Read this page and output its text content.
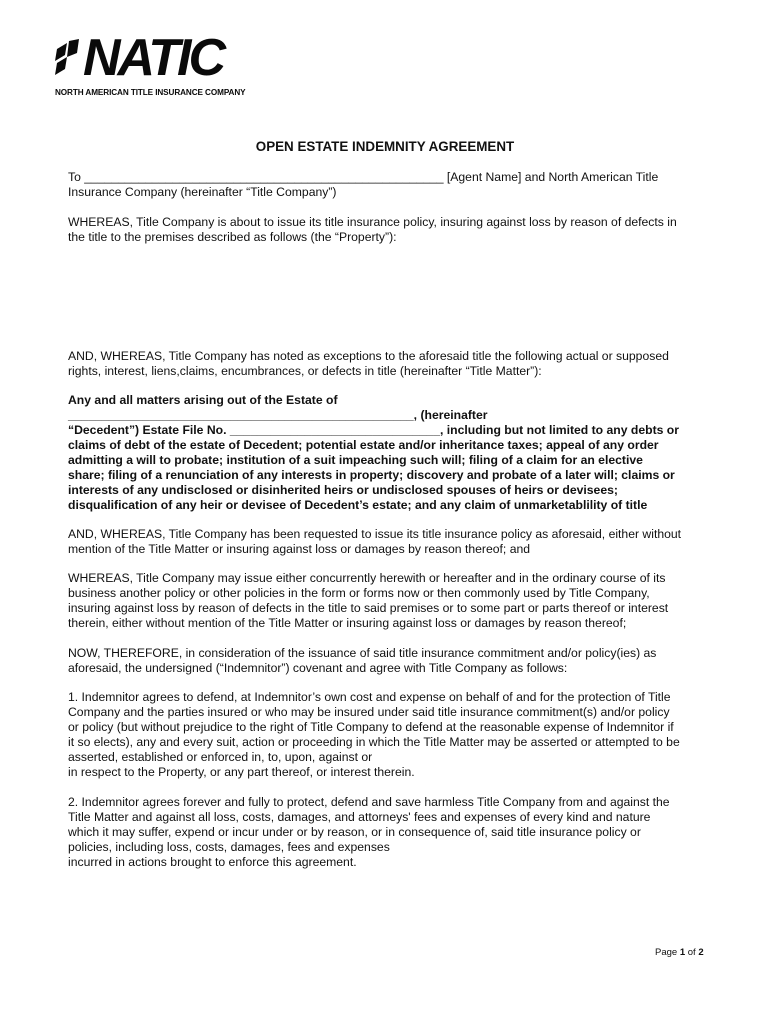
NATIC
NORTH AMERICAN TITLE INSURANCE COMPANY
OPEN ESTATE INDEMNITY AGREEMENT
To _____________________________________________________ [Agent Name] and North American Title
Insurance Company (hereinafter “Title Company”)
WHEREAS, Title Company is about to issue its title insurance policy, insuring against loss by reason of defects in
the title to the premises described as follows (the “Property”):
AND, WHEREAS, Title Company has noted as exceptions to the aforesaid title the following actual or supposed
rights, interest, liens,claims, encumbrances, or defects in title (hereinafter “Title Matter”):
Any and all matters arising out of the Estate of
___________________________________________________, (hereinafter
“Decedent”) Estate File No. _______________________________, including but not limited to any debts or
claims of debt of the estate of Decedent; potential estate and/or inheritance taxes; appeal of any order
admitting a will to probate; institution of a suit impeaching such will; filing of a claim for an elective
share; filing of a renunciation of any interests in property; discovery and probate of a later will; claims or
interests of any undisclosed or disinherited heirs or undisclosed spouses of heirs or devisees;
disqualification of any heir or devisee of Decedent’s estate; and any claim of unmarketablility of title
AND, WHEREAS, Title Company has been requested to issue its title insurance policy as aforesaid, either without
mention of the Title Matter or insuring against loss or damages by reason thereof; and
WHEREAS, Title Company may issue either concurrently herewith or hereafter and in the ordinary course of its
business another policy or other policies in the form or forms now or then commonly used by Title Company,
insuring against loss by reason of defects in the title to said premises or to some part or parts thereof or interest
therein, either without mention of the Title Matter or insuring against loss or damages by reason thereof;
NOW, THEREFORE, in consideration of the issuance of said title insurance commitment and/or policy(ies) as
aforesaid, the undersigned (“Indemnitor”) covenant and agree with Title Company as follows:
1. Indemnitor agrees to defend, at Indemnitor’s own cost and expense on behalf of and for the protection of Title
Company and the parties insured or who may be insured under said title insurance commitment(s) and/or policy
or policy (but without prejudice to the right of Title Company to defend at the reasonable expense of Indemnitor if
it so elects), any and every suit, action or proceeding in which the Title Matter may be asserted or attempted to be
asserted, established or enforced in, to, upon, against or
in respect to the Property, or any part thereof, or interest therein.
2. Indemnitor agrees forever and fully to protect, defend and save harmless Title Company from and against the
Title Matter and against all loss, costs, damages, and attorneys' fees and expenses of every kind and nature
which it may suffer, expend or incur under or by reason, or in consequence of, said title insurance policy or
policies, including loss, costs, damages, fees and expenses
incurred in actions brought to enforce this agreement.
Page 1 of 2
